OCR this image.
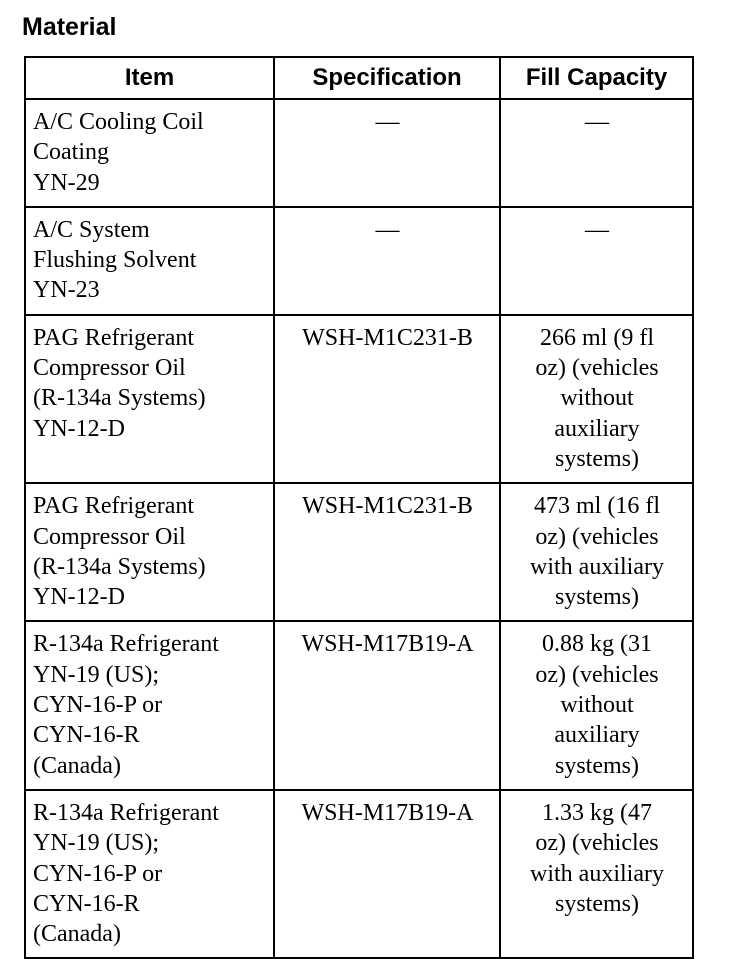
Material
Item	Specification	Fill Capacity

A/C Cooling Coil
Coating
YN-29	—	—

A/C System
Flushing Solvent
YN-23	—	—

PAG Refrigerant
Compressor Oil
(R-134a Systems)
YN-12-D	WSH-M1C231-B	266 ml (9 fl
oz) (vehicles
without
auxiliary
systems)

PAG Refrigerant
Compressor Oil
(R-134a Systems)
YN-12-D	WSH-M1C231-B	473 ml (16 fl
oz) (vehicles
with auxiliary
systems)

R-134a Refrigerant
YN-19 (US);
CYN-16-P or
CYN-16-R
(Canada)	WSH-M17B19-A	0.88 kg (31
oz) (vehicles
without
auxiliary
systems)

R-134a Refrigerant
YN-19 (US);
CYN-16-P or
CYN-16-R
(Canada)	WSH-M17B19-A	1.33 kg (47
oz) (vehicles
with auxiliary
systems)
